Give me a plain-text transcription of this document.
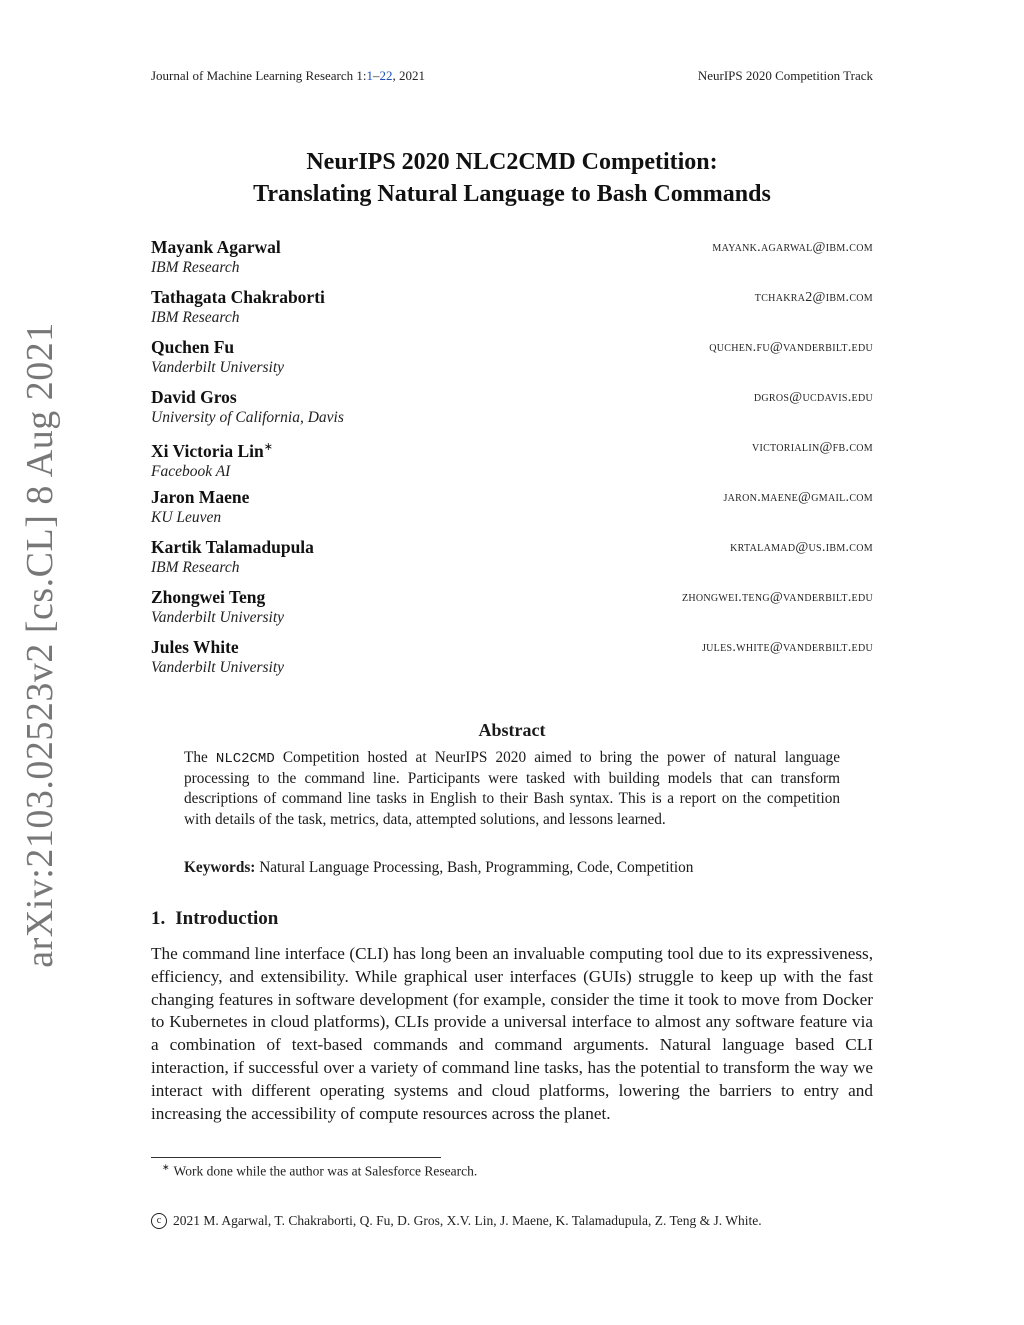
arXiv:2103.02523v2 [cs.CL] 8 Aug 2021
Journal of Machine Learning Research 1:1–22, 2021	NeurIPS 2020 Competition Track
NeurIPS 2020 NLC2CMD Competition:
Translating Natural Language to Bash Commands
Mayank Agarwal
IBM Research
mayank.agarwal@ibm.com
Tathagata Chakraborti
IBM Research
tchakra2@ibm.com
Quchen Fu
Vanderbilt University
quchen.fu@vanderbilt.edu
David Gros
University of California, Davis
dgros@ucdavis.edu
Xi Victoria Lin∗
Facebook AI
victorialin@fb.com
Jaron Maene
KU Leuven
jaron.maene@gmail.com
Kartik Talamadupula
IBM Research
krtalamad@us.ibm.com
Zhongwei Teng
Vanderbilt University
zhongwei.teng@vanderbilt.edu
Jules White
Vanderbilt University
jules.white@vanderbilt.edu
Abstract
The NLC2CMD Competition hosted at NeurIPS 2020 aimed to bring the power of natural language processing to the command line. Participants were tasked with building models that can transform descriptions of command line tasks in English to their Bash syntax. This is a report on the competition with details of the task, metrics, data, attempted solutions, and lessons learned.
Keywords: Natural Language Processing, Bash, Programming, Code, Competition
1. Introduction
The command line interface (CLI) has long been an invaluable computing tool due to its expressiveness, efficiency, and extensibility. While graphical user interfaces (GUIs) struggle to keep up with the fast changing features in software development (for example, consider the time it took to move from Docker to Kubernetes in cloud platforms), CLIs provide a universal interface to almost any software feature via a combination of text-based commands and command arguments. Natural language based CLI interaction, if successful over a variety of command line tasks, has the potential to transform the way we interact with different operating systems and cloud platforms, lowering the barriers to entry and increasing the accessibility of compute resources across the planet.
∗ Work done while the author was at Salesforce Research.
c 2021 M. Agarwal, T. Chakraborti, Q. Fu, D. Gros, X.V. Lin, J. Maene, K. Talamadupula, Z. Teng & J. White.
